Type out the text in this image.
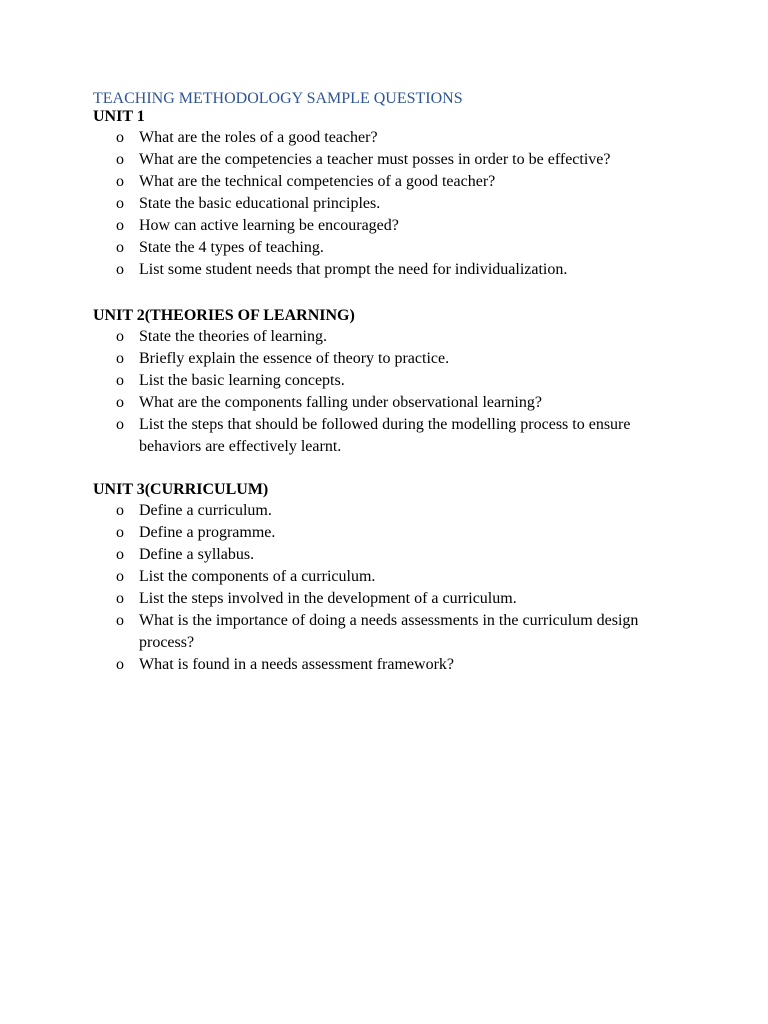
TEACHING METHODOLOGY SAMPLE QUESTIONS
UNIT 1
o What are the roles of a good teacher?
o What are the competencies a teacher must posses in order to be effective?
o What are the technical competencies of a good teacher?
o State the basic educational principles.
o How can active learning be encouraged?
o State the 4 types of teaching.
o List some student needs that prompt the need for individualization.
UNIT 2(THEORIES OF LEARNING)
o State the theories of learning.
o Briefly explain the essence of theory to practice.
o List the basic learning concepts.
o What are the components falling under observational learning?
o List the steps that should be followed during the modelling process to ensure behaviors are effectively learnt.
UNIT 3(CURRICULUM)
o Define a curriculum.
o Define a programme.
o Define a syllabus.
o List the components of a curriculum.
o List the steps involved in the development of a curriculum.
o What is the importance of doing a needs assessments in the curriculum design process?
o What is found in a needs assessment framework?
